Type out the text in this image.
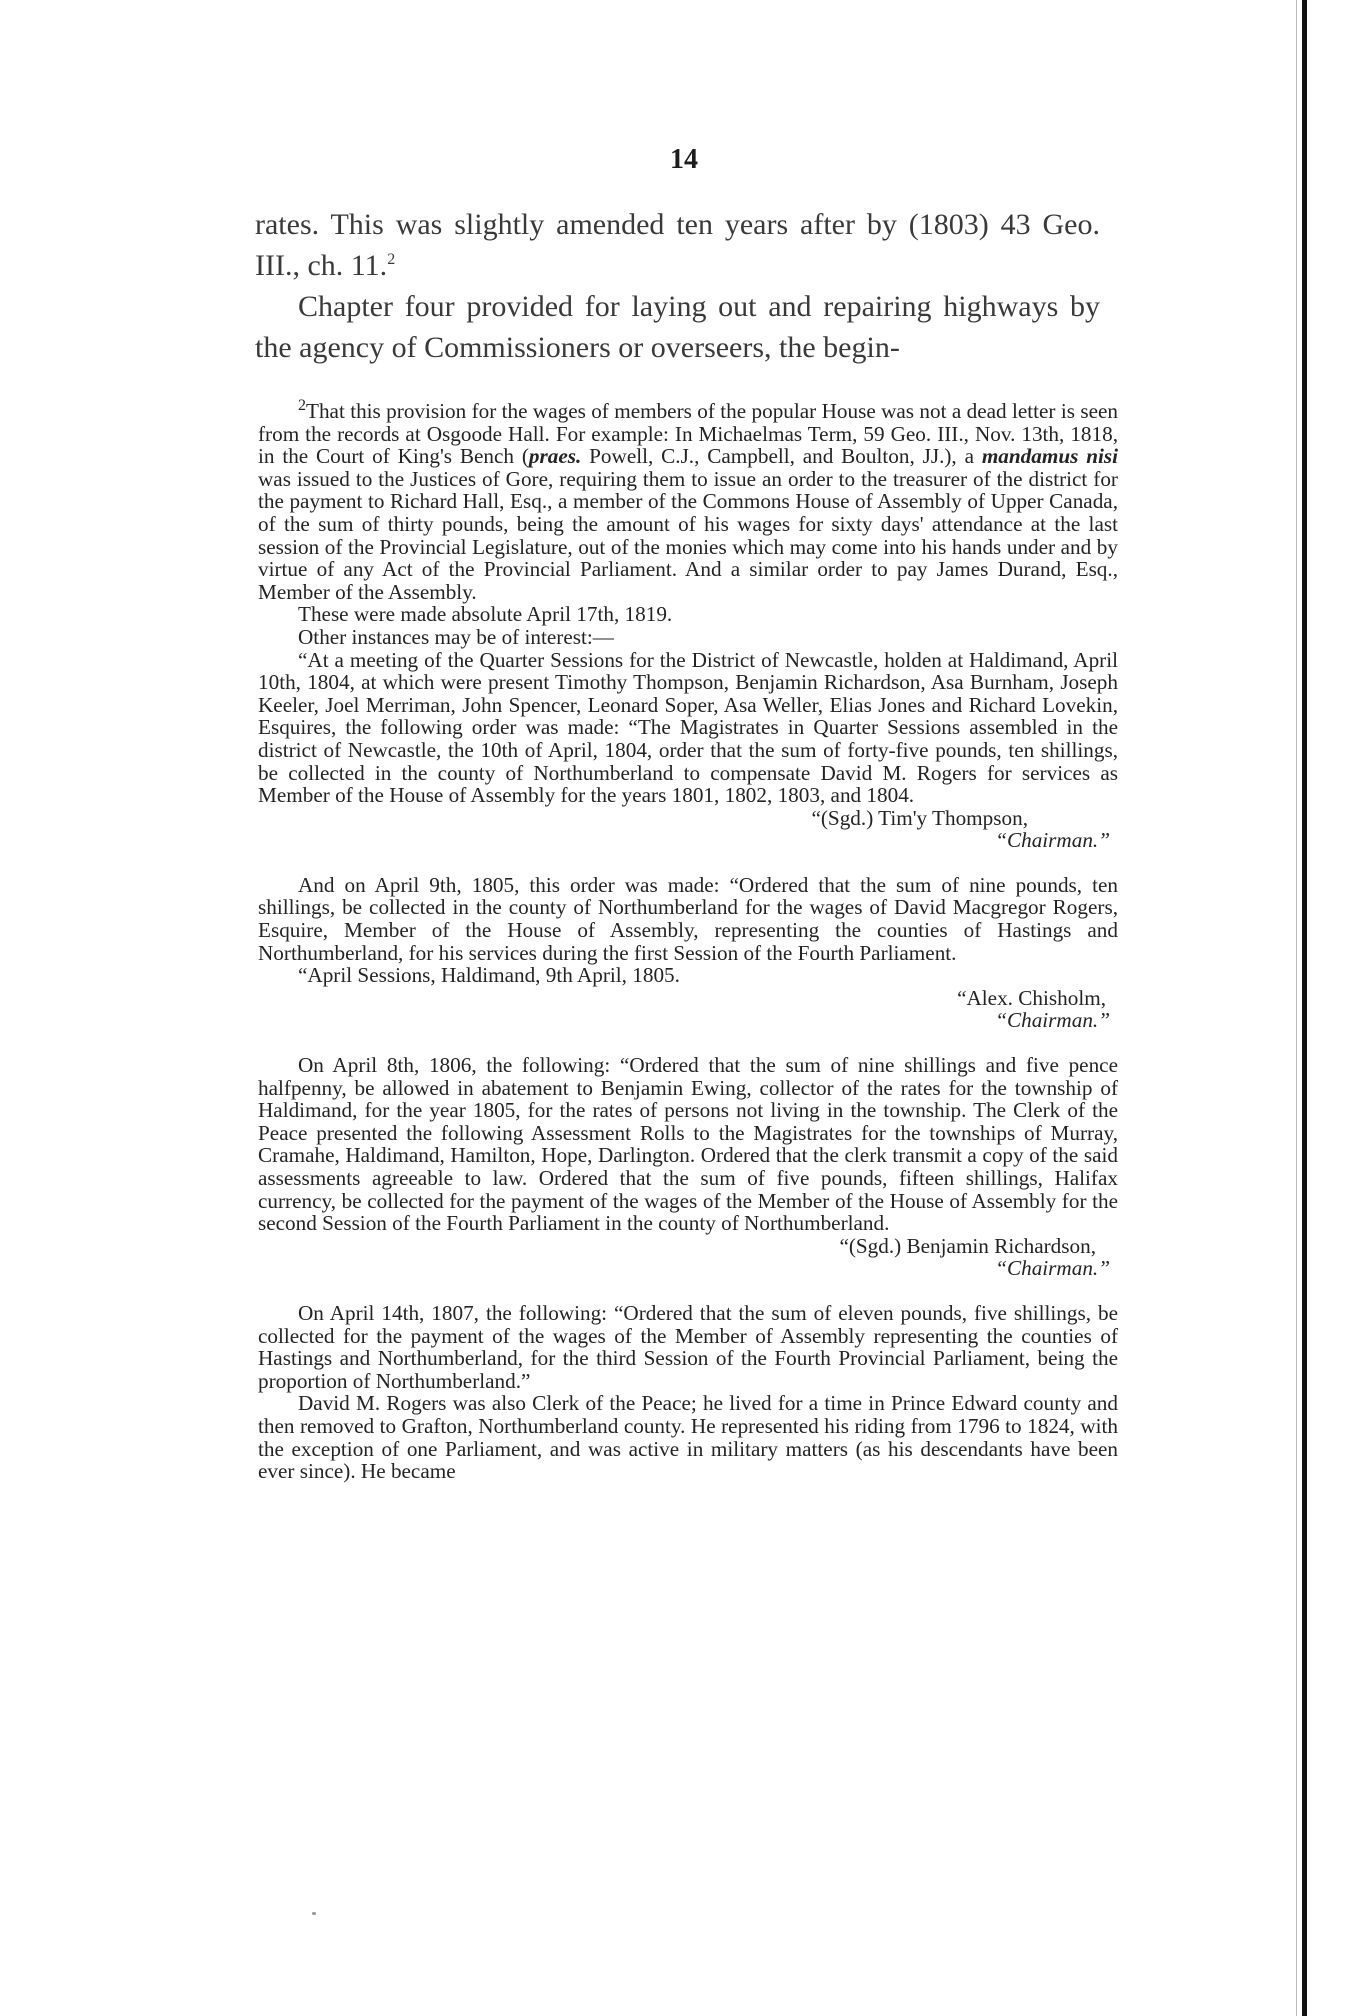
14

rates. This was slightly amended ten years after by (1803) 43 Geo. III., ch. 11.$^2$

Chapter four provided for laying out and repairing highways by the agency of Commissioners or overseers, the begin-

$^2$That this provision for the wages of members of the popular House was not a dead letter is seen from the records at Osgoode Hall. For example: In Michaelmas Term, 59 Geo. III., Nov. 13th, 1818, in the Court of King's Bench (praes. Powell, C.J., Campbell, and Boulton, JJ.), a mandamus nisi was issued to the Justices of Gore, requiring them to issue an order to the treasurer of the district for the payment to Richard Hall, Esq., a member of the Commons House of Assembly of Upper Canada, of the sum of thirty pounds, being the amount of his wages for sixty days' attendance at the last session of the Provincial Legislature, out of the monies which may come into his hands under and by virtue of any Act of the Provincial Parliament. And a similar order to pay James Durand, Esq., Member of the Assembly.

These were made absolute April 17th, 1819.

Other instances may be of interest:—

“At a meeting of the Quarter Sessions for the District of Newcastle, holden at Haldimand, April 10th, 1804, at which were present Timothy Thompson, Benjamin Richardson, Asa Burnham, Joseph Keeler, Joel Merriman, John Spencer, Leonard Soper, Asa Weller, Elias Jones and Richard Lovekin, Esquires, the following order was made: “The Magistrates in Quarter Sessions assembled in the district of Newcastle, the 10th of April, 1804, order that the sum of forty-five pounds, ten shillings, be collected in the county of Northumberland to compensate David M. Rogers for services as Member of the House of Assembly for the years 1801, 1802, 1803, and 1804.

“(Sgd.) Tim'y Thompson,

“Chairman.”

And on April 9th, 1805, this order was made: “Ordered that the sum of nine pounds, ten shillings, be collected in the county of Northumberland for the wages of David Macgregor Rogers, Esquire, Member of the House of Assembly, representing the counties of Hastings and Northumberland, for his services during the first Session of the Fourth Parliament.

“April Sessions, Haldimand, 9th April, 1805.

“Alex. Chisholm,

“Chairman.”

On April 8th, 1806, the following: “Ordered that the sum of nine shillings and five pence halfpenny, be allowed in abatement to Benjamin Ewing, collector of the rates for the township of Haldimand, for the year 1805, for the rates of persons not living in the township. The Clerk of the Peace presented the following Assessment Rolls to the Magistrates for the townships of Murray, Cramahe, Haldimand, Hamilton, Hope, Darlington. Ordered that the clerk transmit a copy of the said assessments agreeable to law. Ordered that the sum of five pounds, fifteen shillings, Halifax currency, be collected for the payment of the wages of the Member of the House of Assembly for the second Session of the Fourth Parliament in the county of Northumberland.

“(Sgd.) Benjamin Richardson,

“Chairman.”

On April 14th, 1807, the following: “Ordered that the sum of eleven pounds, five shillings, be collected for the payment of the wages of the Member of Assembly representing the counties of Hastings and Northumberland, for the third Session of the Fourth Provincial Parliament, being the proportion of Northumberland.”

David M. Rogers was also Clerk of the Peace; he lived for a time in Prince Edward county and then removed to Grafton, Northumberland county. He represented his riding from 1796 to 1824, with the exception of one Parliament, and was active in military matters (as his descendants have been ever since). He became
